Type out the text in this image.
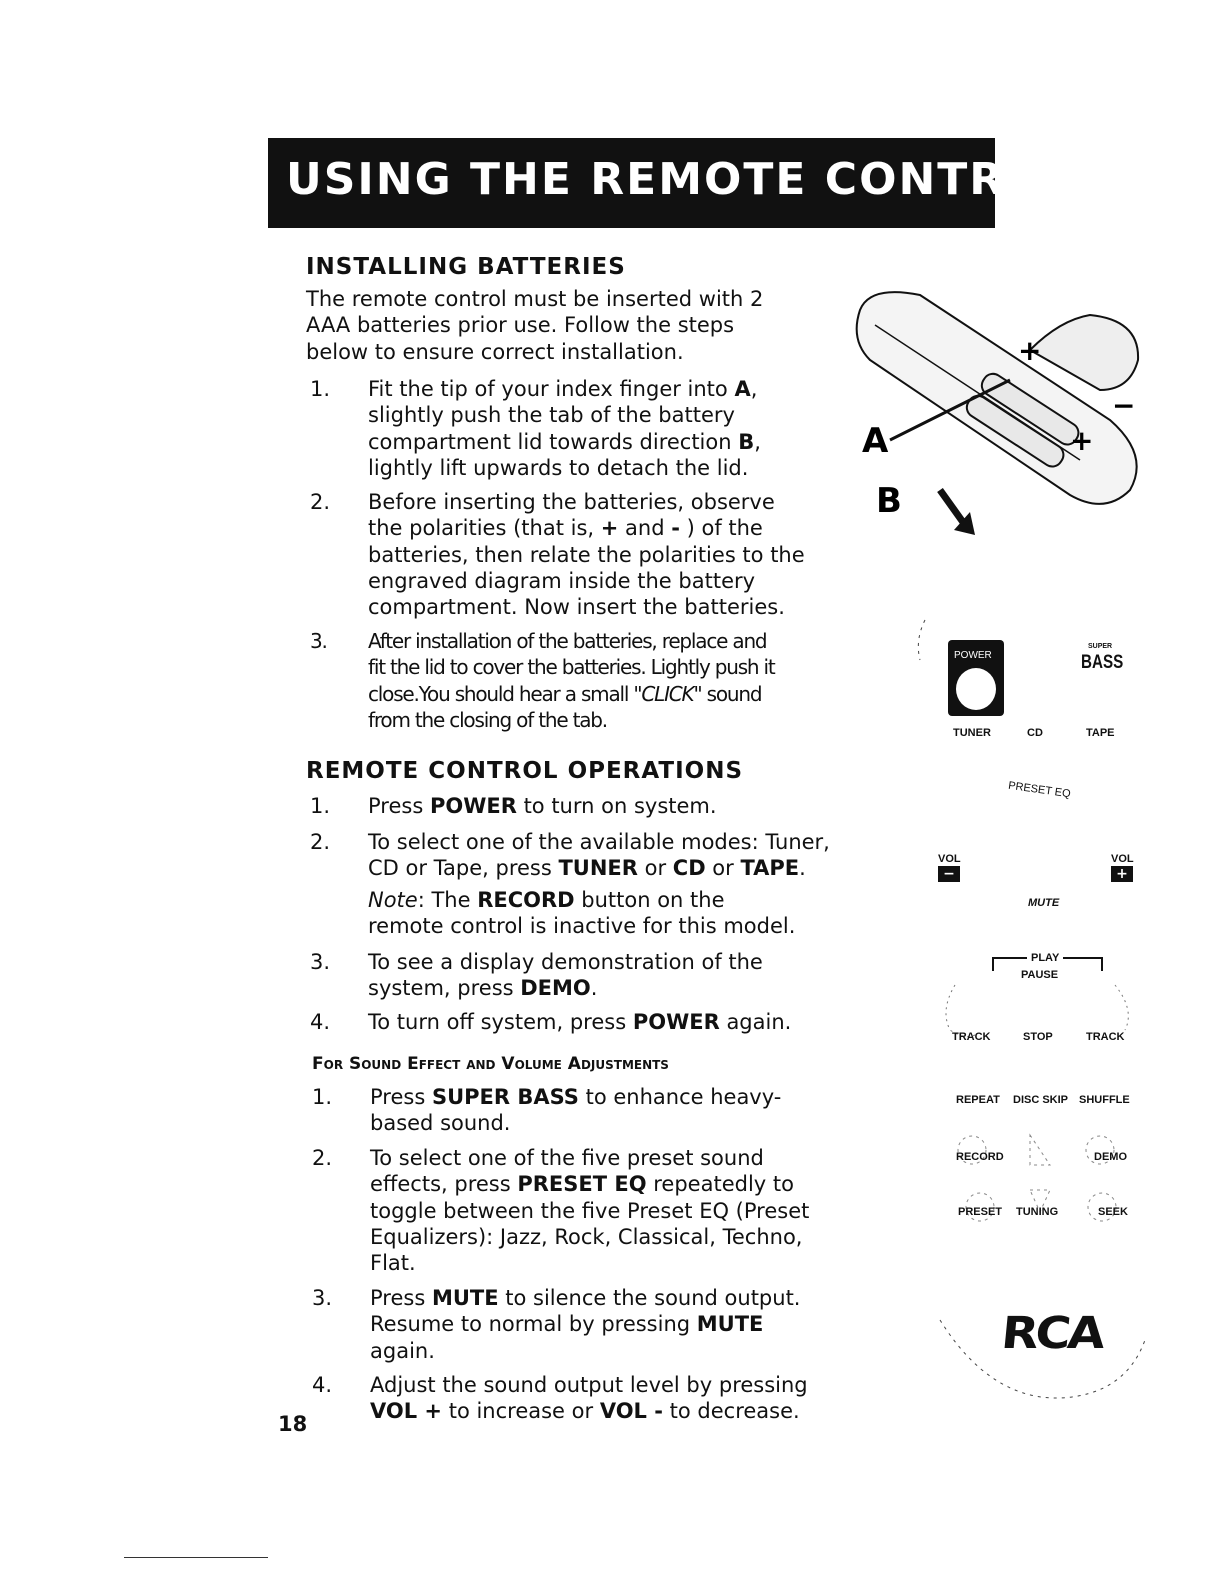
USING THE REMOTE CONTROL
INSTALLING BATTERIES
The remote control must be inserted with 2
AAA batteries prior use. Follow the steps
below to ensure correct installation.
1. Fit the tip of your index finger into A,
slightly push the tab of the battery
compartment lid towards direction B,
lightly lift upwards to detach the lid.
2. Before inserting the batteries, observe
the polarities (that is, + and - ) of the
batteries, then relate the polarities to the
engraved diagram inside the battery
compartment. Now insert the batteries.
3. After installation of the batteries, replace and
fit the lid to cover the batteries. Lightly push it
close.You should hear a small "CLICK" sound
from the closing of the tab.
REMOTE CONTROL OPERATIONS
1. Press POWER to turn on system.
2. To select one of the available modes: Tuner,
CD or Tape, press TUNER or CD or TAPE.
Note: The RECORD button on the
remote control is inactive for this model.
3. To see a display demonstration of the
system, press DEMO.
4. To turn off system, press POWER again.
For Sound Effect and Volume Adjustments
1. Press SUPER BASS to enhance heavy-
based sound.
2. To select one of the five preset sound
effects, press PRESET EQ repeatedly to
toggle between the five Preset EQ (Preset
Equalizers): Jazz, Rock, Classical, Techno,
Flat.
3. Press MUTE to silence the sound output.
Resume to normal by pressing MUTE
again.
4. Adjust the sound output level by pressing
VOL + to increase or VOL - to decrease.
18
A
B
+
+
−
POWER
SUPER
BASS
TUNER	CD	TAPE
PRESET EQ
VOL
−
VOL
+
MUTE
PLAY
PAUSE
TRACK	STOP	TRACK
REPEAT DISC SKIP SHUFFLE
RECORD	DEMO
PRESET TUNING	SEEK
RCA
